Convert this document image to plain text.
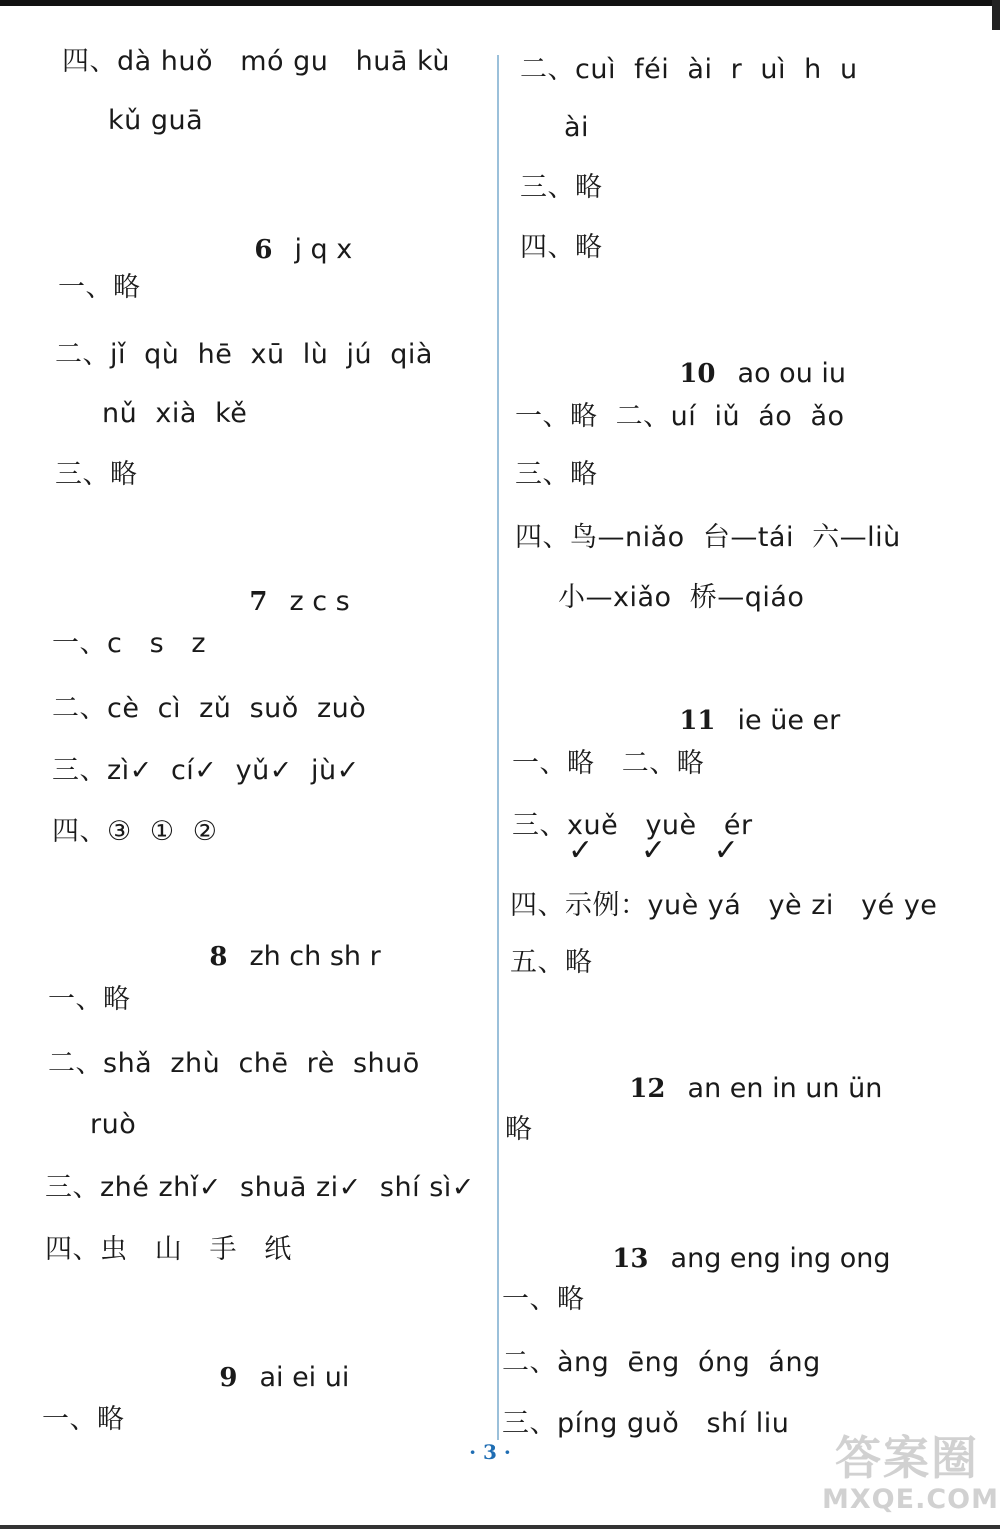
四、dà huǒ   mó gu   huā kù
kǔ guā

6 j q x

一、略
二、jǐ  qù  hē  xū  lù  jú  qià
nǔ  xià  kě
三、略

7 z c s

一、c   s   z
二、cè  cì  zǔ  suǒ  zuò
三、zì✓  cí✓  yǔ✓  jù✓
四、③  ①  ②

8 zh ch sh r

一、略
二、shǎ  zhù  chē  rè  shuō
ruò
三、zhé zhǐ✓  shuā zi✓  shí sì✓
四、虫   山   手   纸

9 ai ei ui

一、略
二、cuì  féi  ài  r  uì  h  u
ài
三、略
四、略

10 ao ou iu

一、略  二、uí  iǔ  áo  ǎo
三、略
四、鸟—niǎo  台—tái  六—liù
小—xiǎo  桥—qiáo

11 ie üe er

一、略   二、略
三、xuě   yuè   ér
✓     ✓     ✓
四、示例：yuè yá   yè zi   yé ye
五、略

12 an en in un ün

略

13 ang eng ing ong

一、略
二、àng  ēng  óng  áng
三、píng guǒ   shí liu
· 3 ·	答案圈
MXQE.COM
